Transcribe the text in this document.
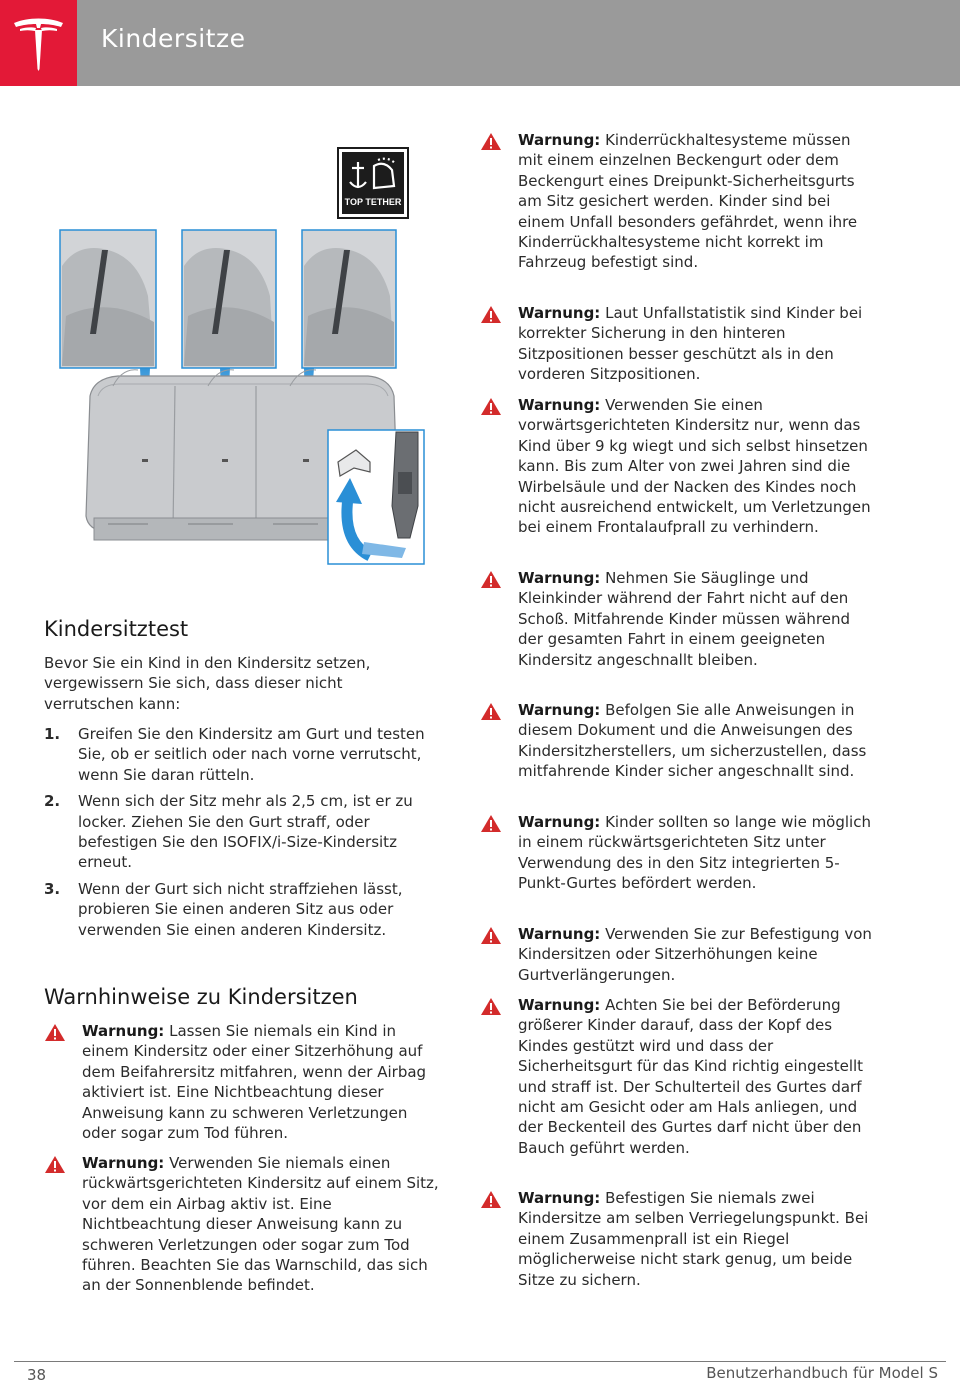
Kindersitze
TOP TETHER
Kindersitztest
Bevor Sie ein Kind in den Kindersitz setzen, vergewissern Sie sich, dass dieser nicht verrutschen kann:
1. Greifen Sie den Kindersitz am Gurt und testen Sie, ob er seitlich oder nach vorne verrutscht, wenn Sie daran rütteln.
2. Wenn sich der Sitz mehr als 2,5 cm, ist er zu locker. Ziehen Sie den Gurt straff, oder befestigen Sie den ISOFIX/i-Size-Kindersitz erneut.
3. Wenn der Gurt sich nicht straffziehen lässt, probieren Sie einen anderen Sitz aus oder verwenden Sie einen anderen Kindersitz.
Warnhinweise zu Kindersitzen
Warnung: Lassen Sie niemals ein Kind in einem Kindersitz oder einer Sitzerhöhung auf dem Beifahrersitz mitfahren, wenn der Airbag aktiviert ist. Eine Nichtbeachtung dieser Anweisung kann zu schweren Verletzungen oder sogar zum Tod führen.
Warnung: Verwenden Sie niemals einen rückwärtsgerichteten Kindersitz auf einem Sitz, vor dem ein Airbag aktiv ist. Eine Nichtbeachtung dieser Anweisung kann zu schweren Verletzungen oder sogar zum Tod führen. Beachten Sie das Warnschild, das sich an der Sonnenblende befindet.
Warnung: Kinderrückhaltesysteme müssen mit einem einzelnen Beckengurt oder dem Beckengurt eines Dreipunkt-Sicherheitsgurts am Sitz gesichert werden. Kinder sind bei einem Unfall besonders gefährdet, wenn ihre Kinderrückhaltesysteme nicht korrekt im Fahrzeug befestigt sind.
Warnung: Laut Unfallstatistik sind Kinder bei korrekter Sicherung in den hinteren Sitzpositionen besser geschützt als in den vorderen Sitzpositionen.
Warnung: Verwenden Sie einen vorwärtsgerichteten Kindersitz nur, wenn das Kind über 9 kg wiegt und sich selbst hinsetzen kann. Bis zum Alter von zwei Jahren sind die Wirbelsäule und der Nacken des Kindes noch nicht ausreichend entwickelt, um Verletzungen bei einem Frontalaufprall zu verhindern.
Warnung: Nehmen Sie Säuglinge und Kleinkinder während der Fahrt nicht auf den Schoß. Mitfahrende Kinder müssen während der gesamten Fahrt in einem geeigneten Kindersitz angeschnallt bleiben.
Warnung: Befolgen Sie alle Anweisungen in diesem Dokument und die Anweisungen des Kindersitzherstellers, um sicherzustellen, dass mitfahrende Kinder sicher angeschnallt sind.
Warnung: Kinder sollten so lange wie möglich in einem rückwärtsgerichteten Sitz unter Verwendung des in den Sitz integrierten 5-Punkt-Gurtes befördert werden.
Warnung: Verwenden Sie zur Befestigung von Kindersitzen oder Sitzerhöhungen keine Gurtverlängerungen.
Warnung: Achten Sie bei der Beförderung größerer Kinder darauf, dass der Kopf des Kindes gestützt wird und dass der Sicherheitsgurt für das Kind richtig eingestellt und straff ist. Der Schulterteil des Gurtes darf nicht am Gesicht oder am Hals anliegen, und der Beckenteil des Gurtes darf nicht über den Bauch geführt werden.
Warnung: Befestigen Sie niemals zwei Kindersitze am selben Verriegelungspunkt. Bei einem Zusammenprall ist ein Riegel möglicherweise nicht stark genug, um beide Sitze zu sichern.
38	Benutzerhandbuch für Model S
